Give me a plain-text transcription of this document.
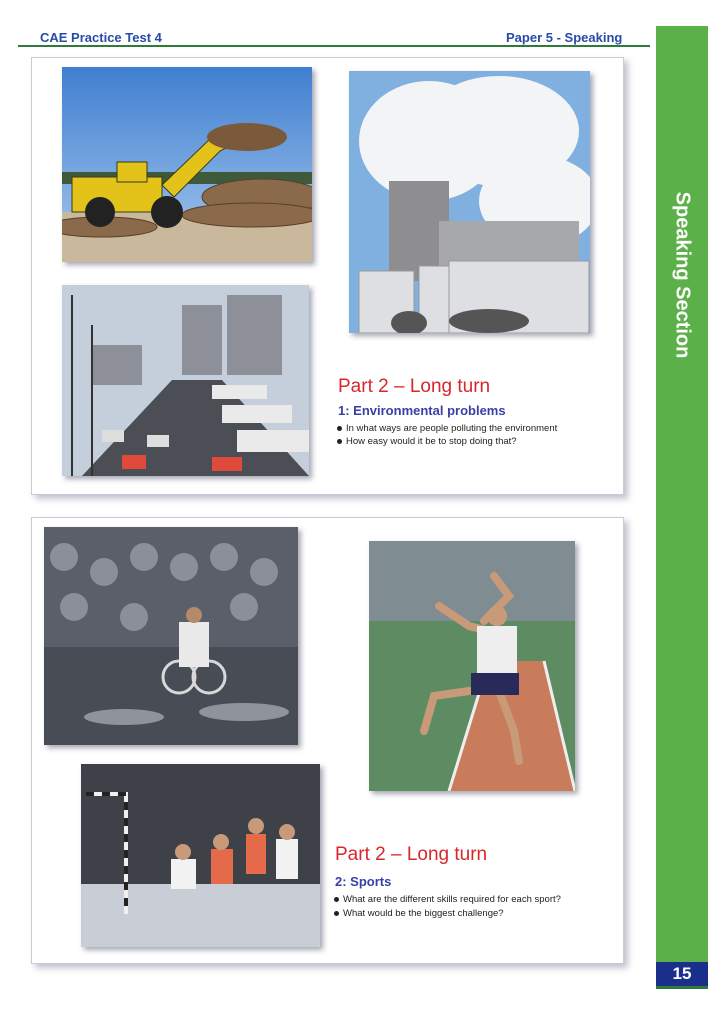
CAE Practice Test 4	Paper 5 - Speaking
Speaking Section
15
Part 2 – Long turn
1: Environmental problems
In what ways are people polluting the environment
How easy would it be to stop doing that?
Part 2 – Long turn
2: Sports
What are the different skills required for each sport?
What would be the biggest challenge?
